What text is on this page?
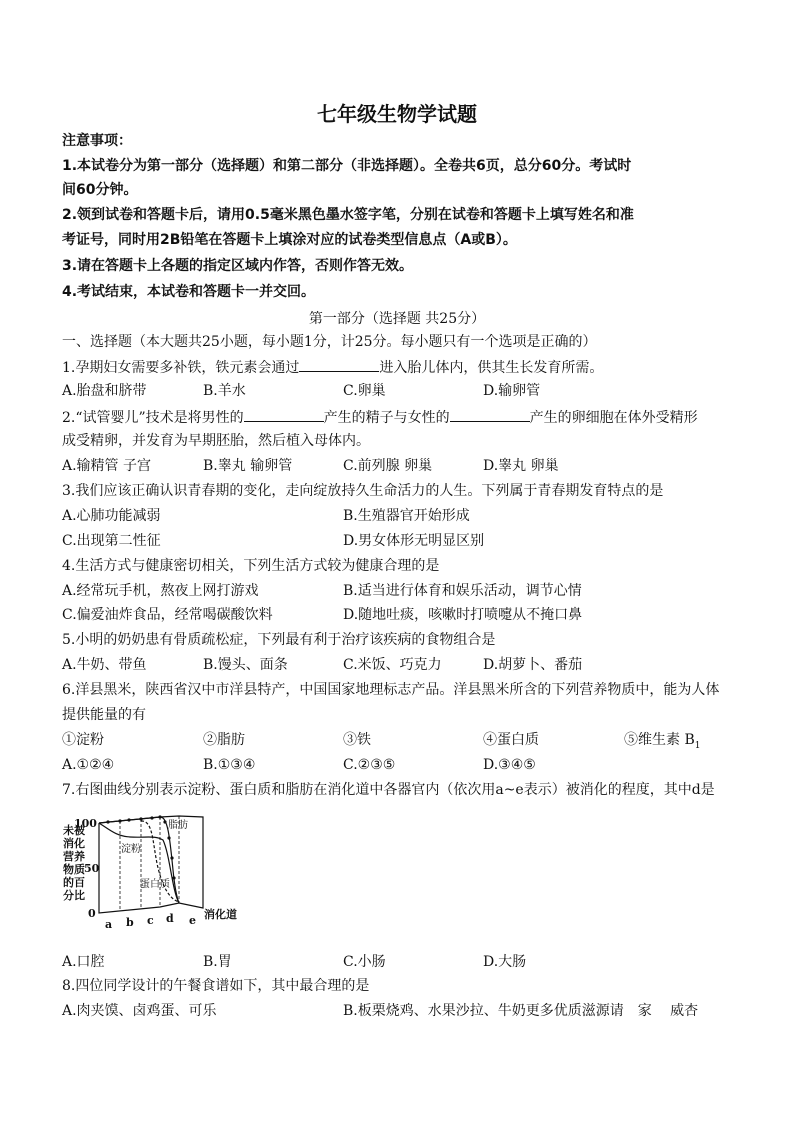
七年级生物学试题
注意事项：
1.本试卷分为第一部分（选择题）和第二部分（非选择题）。全卷共6页，总分60分。考试时
间60分钟。
2.领到试卷和答题卡后，请用0.5毫米黑色墨水签字笔，分别在试卷和答题卡上填写姓名和准
考证号，同时用2B铅笔在答题卡上填涂对应的试卷类型信息点（A或B）。
3.请在答题卡上各题的指定区域内作答，否则作答无效。
4.考试结束，本试卷和答题卡一并交回。
第一部分（选择题 共25分）
一、选择题（本大题共25小题，每小题1分，计25分。每小题只有一个选项是正确的）
1.孕期妇女需要多补铁，铁元素会通过	进入胎儿体内，供其生长发育所需。
A.胎盘和脐带	B.羊水	C.卵巢	D.输卵管
2.“试管婴儿”技术是将男性的	产生的精子与女性的	产生的卵细胞在体外受精形
成受精卵，并发育为早期胚胎，然后植入母体内。
A.输精管 子宫	B.睾丸 输卵管	C.前列腺 卵巢	D.睾丸 卵巢
3.我们应该正确认识青春期的变化，走向绽放持久生命活力的人生。下列属于青春期发育特点的是
A.心肺功能减弱	B.生殖器官开始形成
C.出现第二性征	D.男女体形无明显区别
4.生活方式与健康密切相关，下列生活方式较为健康合理的是
A.经常玩手机，熬夜上网打游戏	B.适当进行体育和娱乐活动，调节心情
C.偏爱油炸食品，经常喝碳酸饮料	D.随地吐痰，咳嗽时打喷嚏从不掩口鼻
5.小明的奶奶患有骨质疏松症，下列最有利于治疗该疾病的食物组合是
A.牛奶、带鱼	B.馒头、面条	C.米饭、巧克力	D.胡萝卜、番茄
6.洋县黑米，陕西省汉中市洋县特产，中国国家地理标志产品。洋县黑米所含的下列营养物质中，能为人体
提供能量的有
①淀粉	②脂肪	③铁	④蛋白质	⑤维生素 $B_1$
A.①②④	B.①③④	C.②③⑤	D.③④⑤
7.右图曲线分别表示淀粉、蛋白质和脂肪在消化道中各器官内（依次用a~e表示）被消化的程度，其中d是
未被
消化
营养
物质
的百
分比
100
50
0
a b c d e 消化道
淀粉
蛋白质
脂肪
A.口腔	B.胃	C.小肠	D.大肠
8.四位同学设计的午餐食谱如下，其中最合理的是
A.肉夹馍、卤鸡蛋、可乐	B.板栗烧鸡、水果沙拉、牛奶更多优质滋源请　家　 威杏
